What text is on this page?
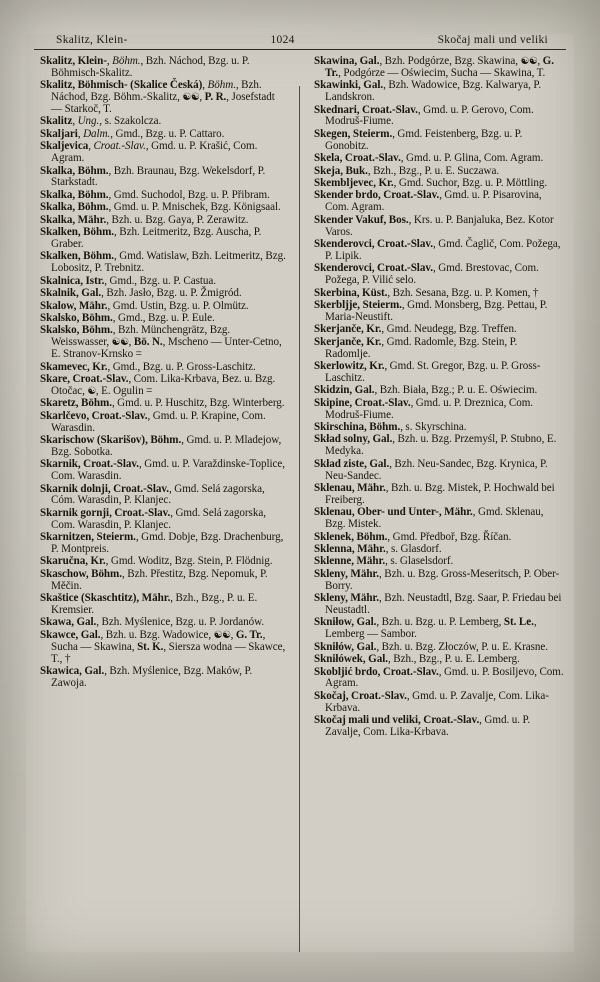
Skalitz, Klein-	1024	Skočaj mali und veliki

Skalitz, Klein-, Böhm., Bzh. Náchod, Bzg. u. P. Böhmisch-Skalitz.

Skalitz, Böhmisch- (Skalice Česká), Böhm., Bzh. Náchod, Bzg. Böhm.-Skalitz, ☯☯, P. R., Josefstadt — Starkoč, T.

Skalitz, Ung., s. Szakolcza.

Skaljari, Dalm., Gmd., Bzg. u. P. Cattaro.

Skaljevica, Croat.-Slav., Gmd. u. P. Krašić, Com. Agram.

Skalka, Böhm., Bzh. Braunau, Bzg. Wekelsdorf, P. Starkstadt.

Skalka, Böhm., Gmd. Suchodol, Bzg. u. P. Přibram.

Skalka, Böhm., Gmd. u. P. Mnischek, Bzg. Königsaal.

Skalka, Mähr., Bzh. u. Bzg. Gaya, P. Zerawitz.

Skalken, Böhm., Bzh. Leitmeritz, Bzg. Auscha, P. Graber.

Skalken, Böhm., Gmd. Watislaw, Bzh. Leitmeritz, Bzg. Lobositz, P. Trebnitz.

Skalnica, Istr., Gmd., Bzg. u. P. Castua.

Skalnik, Gal., Bzh. Jasło, Bzg. u. P. Žmigród.

Skalow, Mähr., Gmd. Ustin, Bzg. u. P. Olmütz.

Skalsko, Böhm., Gmd., Bzg. u. P. Eule.

Skalsko, Böhm., Bzh. Münchengrätz, Bzg. Weisswasser, ☯☯, Bö. N., Mscheno — Unter-Cetno, E. Stranov-Krnsko =

Skamevec, Kr., Gmd., Bzg. u. P. Gross-Laschitz.

Skare, Croat.-Slav., Com. Lika-Krbava, Bez. u. Bzg. Otočac, ☯, E. Ogulin =

Skaretz, Böhm., Gmd. u. P. Huschitz, Bzg. Winterberg.

Skarlčevo, Croat.-Slav., Gmd. u. P. Krapine, Com. Warasdin.

Skarischow (Skarišov), Böhm., Gmd. u. P. Mladejow, Bzg. Sobotka.

Skarnik, Croat.-Slav., Gmd. u. P. Varaždinske-Toplice, Com. Warasdin.

Skarnik dolnji, Croat.-Slav., Gmd. Selá zagorska, Cóm. Warasdin, P. Klanjec.

Skarnik gornji, Croat.-Slav., Gmd. Selá zagorska, Com. Warasdin, P. Klanjec.

Skarnitzen, Steierm., Gmd. Dobje, Bzg. Drachenburg, P. Montpreis.

Skaručna, Kr., Gmd. Woditz, Bzg. Stein, P. Flödnig.

Skaschow, Böhm., Bzh. Přestitz, Bzg. Nepomuk, P. Měčin.

Skaštice (Skaschtitz), Mähr., Bzh., Bzg., P. u. E. Kremsier.

Skawa, Gal., Bzh. Myślenice, Bzg. u. P. Jordanów.

Skawce, Gal., Bzh. u. Bzg. Wadowice, ☯☯, G. Tr., Sucha — Skawina, St. K., Siersza wodna — Skawce, T., †

Skawica, Gal., Bzh. Myślenice, Bzg. Maków, P. Zawoja.

Skawina, Gal., Bzh. Podgórze, Bzg. Skawina, ☯☯, G. Tr., Podgórze — Oświecim, Sucha — Skawina, T.

Skawinki, Gal., Bzh. Wadowice, Bzg. Kalwarya, P. Landskron.

Skednari, Croat.-Slav., Gmd. u. P. Gerovo, Com. Modruš-Fiume.

Skegen, Steierm., Gmd. Feistenberg, Bzg. u. P. Gonobitz.

Skela, Croat.-Slav., Gmd. u. P. Glina, Com. Agram.

Skeja, Buk., Bzh., Bzg., P. u. E. Suczawa.

Skembljevec, Kr., Gmd. Suchor, Bzg. u. P. Möttling.

Skender brdo, Croat.-Slav., Gmd. u. P. Pisarovina, Com. Agram.

Skender Vakuf, Bos., Krs. u. P. Banjaluka, Bez. Kotor Varos.

Skenderovci, Croat.-Slav., Gmd. Čaglič, Com. Požega, P. Lipik.

Skenderovci, Croat.-Slav., Gmd. Brestovac, Com. Požega, P. Vilić selo.

Skerbina, Küst., Bzh. Sesana, Bzg. u. P. Komen, †

Skerbljje, Steierm., Gmd. Monsberg, Bzg. Pettau, P. Maria-Neustift.

Skerjanče, Kr., Gmd. Neudegg, Bzg. Treffen.

Skerjanče, Kr., Gmd. Radomle, Bzg. Stein, P. Radomlje.

Skerlowitz, Kr., Gmd. St. Gregor, Bzg. u. P. Gross-Laschitz.

Skidzin, Gal., Bzh. Biała, Bzg.; P. u. E. Oświecim.

Skipine, Croat.-Slav., Gmd. u. P. Dreznica, Com. Modruš-Fiume.

Skirschina, Böhm., s. Skyrschina.

Skład solny, Gal., Bzh. u. Bzg. Przemyśl, P. Stubno, E. Medyka.

Skład ziste, Gal., Bzh. Neu-Sandec, Bzg. Krynica, P. Neu-Sandec.

Sklenau, Mähr., Bzh. u. Bzg. Mistek, P. Hochwald bei Freiberg.

Sklenau, Ober- und Unter-, Mähr., Gmd. Sklenau, Bzg. Mistek.

Sklenek, Böhm., Gmd. Předboř, Bzg. Říčan.

Sklenna, Mähr., s. Glasdorf.

Sklenne, Mähr., s. Glaselsdorf.

Skleny, Mähr., Bzh. u. Bzg. Gross-Meseritsch, P. Ober-Borry.

Skleny, Mähr., Bzh. Neustadtl, Bzg. Saar, P. Friedau bei Neustadtl.

Skniłow, Gal., Bzh. u. Bzg. u. P. Lemberg, St. Le., Lemberg — Sambor.

Skniłów, Gal., Bzh. u. Bzg. Złoczów, P. u. E. Krasne.

Skniłówek, Gal., Bzh., Bzg., P. u. E. Lemberg.

Skobljić brdo, Croat.-Slav., Gmd. u. P. Bosiljevo, Com. Agram.

Skočaj, Croat.-Slav., Gmd. u. P. Zavalje, Com. Lika-Krbava.

Skočaj mali und veliki, Croat.-Slav., Gmd. u. P. Zavalje, Com. Lika-Krbava.
